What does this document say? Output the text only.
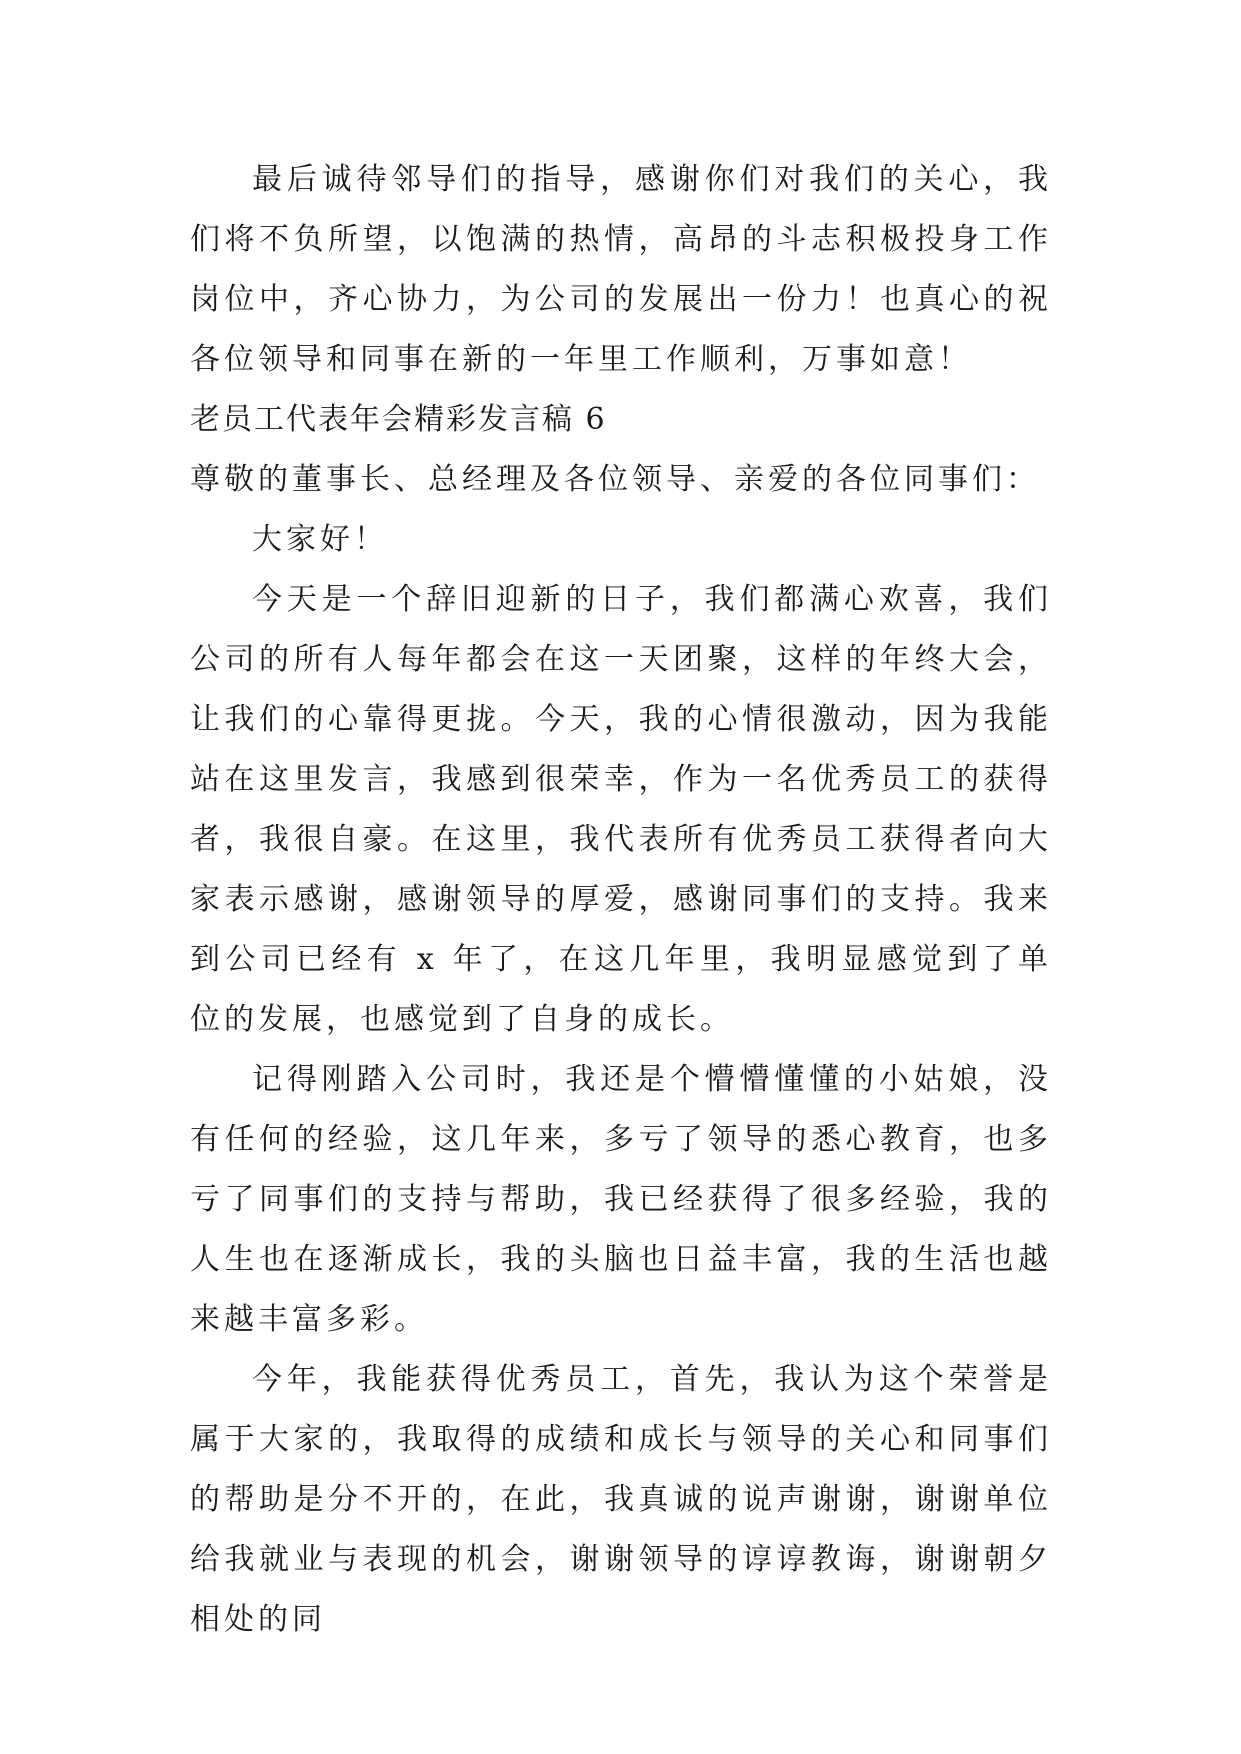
最后诚待邻导们的指导，感谢你们对我们的关心，我们将不负所望，以饱满的热情，高昂的斗志积极投身工作岗位中，齐心协力，为公司的发展出一份力！也真心的祝各位领导和同事在新的一年里工作顺利，万事如意！

老员工代表年会精彩发言稿 6

尊敬的董事长、总经理及各位领导、亲爱的各位同事们：

大家好！

今天是一个辞旧迎新的日子，我们都满心欢喜，我们公司的所有人每年都会在这一天团聚，这样的年终大会，让我们的心靠得更拢。今天，我的心情很激动，因为我能站在这里发言，我感到很荣幸，作为一名优秀员工的获得者，我很自豪。在这里，我代表所有优秀员工获得者向大家表示感谢，感谢领导的厚爱，感谢同事们的支持。我来到公司已经有 x 年了，在这几年里，我明显感觉到了单位的发展，也感觉到了自身的成长。

记得刚踏入公司时，我还是个懵懵懂懂的小姑娘，没有任何的经验，这几年来，多亏了领导的悉心教育，也多亏了同事们的支持与帮助，我已经获得了很多经验，我的人生也在逐渐成长，我的头脑也日益丰富，我的生活也越来越丰富多彩。

今年，我能获得优秀员工，首先，我认为这个荣誉是属于大家的，我取得的成绩和成长与领导的关心和同事们的帮助是分不开的，在此，我真诚的说声谢谢，谢谢单位给我就业与表现的机会，谢谢领导的谆谆教诲，谢谢朝夕相处的同
